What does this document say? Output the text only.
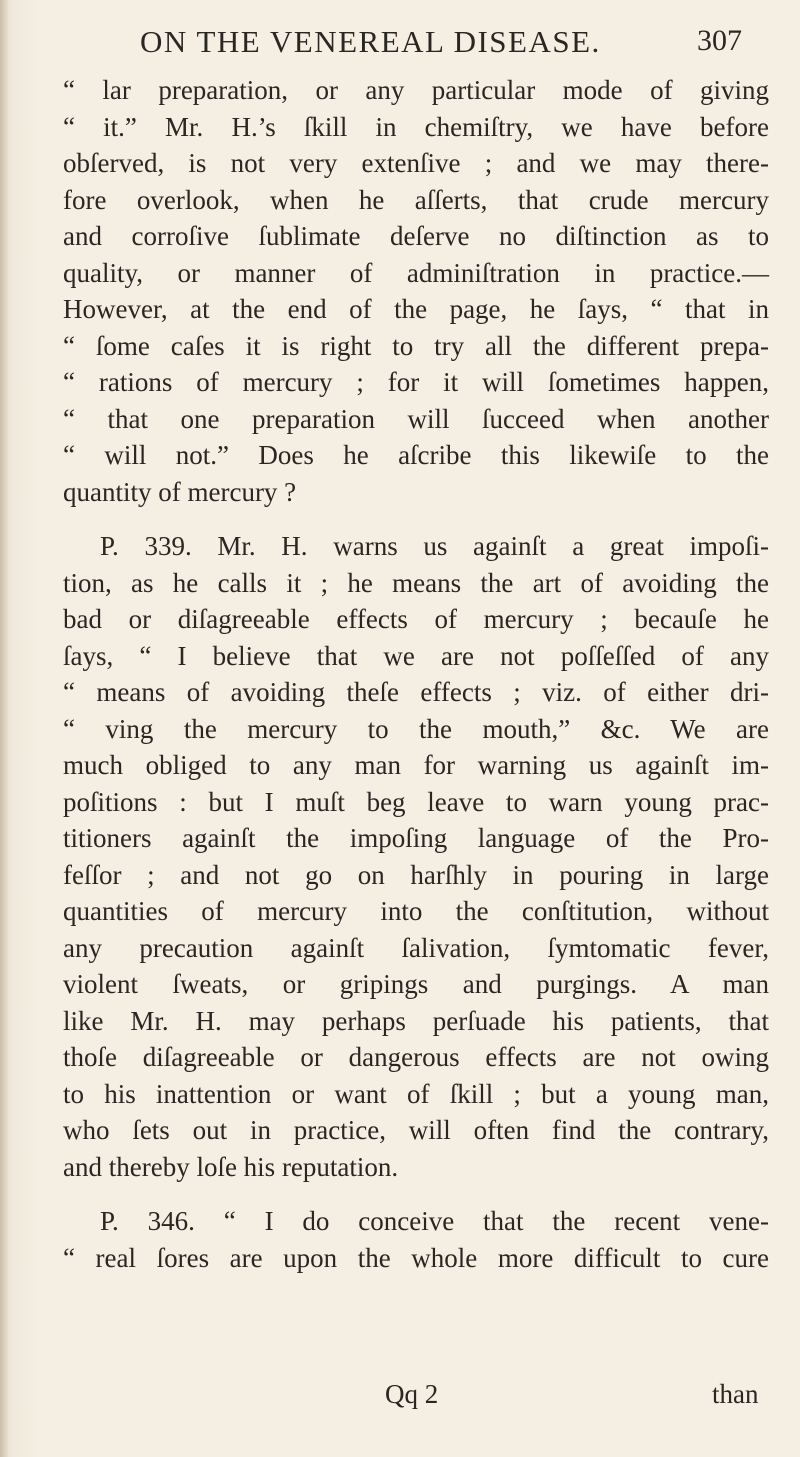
ON THE VENEREAL DISEASE.	307
“ lar preparation, or any particular mode of giving
“ it.” Mr. H.’s ſkill in chemiſtry, we have before
obſerved, is not very extenſive ; and we may there-
fore overlook, when he aſſerts, that crude mercury
and corroſive ſublimate deſerve no diſtinction as to
quality, or manner of adminiſtration in practice.—
However, at the end of the page, he ſays, “ that in
“ ſome caſes it is right to try all the different prepa-
“ rations of mercury ; for it will ſometimes happen,
“ that one preparation will ſucceed when another
“ will not.” Does he aſcribe this likewiſe to the
quantity of mercury ?
P. 339. Mr. H. warns us againſt a great impoſi-
tion, as he calls it ; he means the art of avoiding the
bad or diſagreeable effects of mercury ; becauſe he
ſays, “ I believe that we are not poſſeſſed of any
“ means of avoiding theſe effects ; viz. of either dri-
“ ving the mercury to the mouth,” &c. We are
much obliged to any man for warning us againſt im-
poſitions : but I muſt beg leave to warn young prac-
titioners againſt the impoſing language of the Pro-
feſſor ; and not go on harſhly in pouring in large
quantities of mercury into the conſtitution, without
any precaution againſt ſalivation, ſymtomatic fever,
violent ſweats, or gripings and purgings. A man
like Mr. H. may perhaps perſuade his patients, that
thoſe diſagreeable or dangerous effects are not owing
to his inattention or want of ſkill ; but a young man,
who ſets out in practice, will often find the contrary,
and thereby loſe his reputation.
P. 346. “ I do conceive that the recent vene-
“ real ſores are upon the whole more difficult to cure
Qq 2	than
